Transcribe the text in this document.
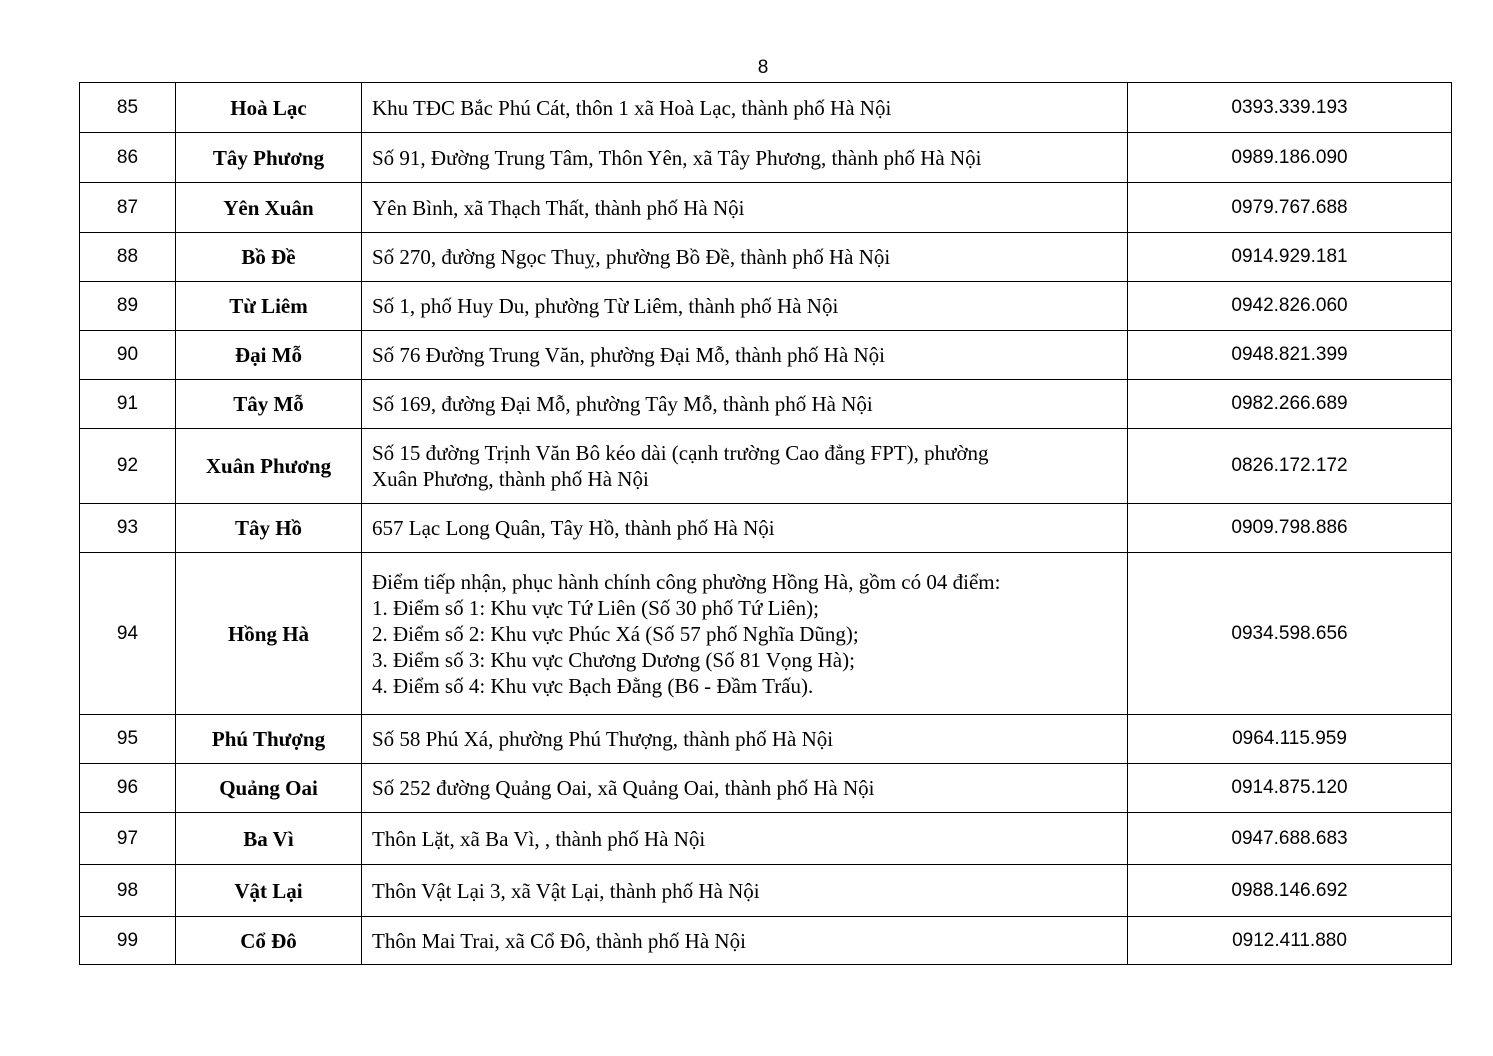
8
85	Hoà Lạc	Khu TĐC Bắc Phú Cát, thôn 1 xã Hoà Lạc, thành phố Hà Nội	0393.339.193
86	Tây Phương	Số 91, Đường Trung Tâm, Thôn Yên, xã Tây Phương, thành phố Hà Nội	0989.186.090
87	Yên Xuân	Yên Bình, xã Thạch Thất, thành phố Hà Nội	0979.767.688
88	Bồ Đề	Số 270, đường Ngọc Thuỵ, phường Bồ Đề, thành phố Hà Nội	0914.929.181
89	Từ Liêm	Số 1, phố Huy Du, phường Từ Liêm, thành phố Hà Nội	0942.826.060
90	Đại Mỗ	Số 76 Đường Trung Văn, phường Đại Mỗ, thành phố Hà Nội	0948.821.399
91	Tây Mỗ	Số 169, đường Đại Mỗ, phường Tây Mỗ, thành phố Hà Nội	0982.266.689
92	Xuân Phương	Số 15 đường Trịnh Văn Bô kéo dài (cạnh trường Cao đẳng FPT), phường
Xuân Phương, thành phố Hà Nội	0826.172.172
93	Tây Hồ	657 Lạc Long Quân, Tây Hồ, thành phố Hà Nội	0909.798.886
94	Hồng Hà	Điểm tiếp nhận, phục hành chính công phường Hồng Hà, gồm có 04 điểm:
1. Điểm số 1: Khu vực Tứ Liên (Số 30 phố Tứ Liên);
2. Điểm số 2: Khu vực Phúc Xá (Số 57 phố Nghĩa Dũng);
3. Điểm số 3: Khu vực Chương Dương (Số 81 Vọng Hà);
4. Điểm số 4: Khu vực Bạch Đằng (B6 - Đầm Trấu).	0934.598.656
95	Phú Thượng	Số 58 Phú Xá, phường Phú Thượng, thành phố Hà Nội	0964.115.959
96	Quảng Oai	Số 252 đường Quảng Oai, xã Quảng Oai, thành phố Hà Nội	0914.875.120
97	Ba Vì	Thôn Lặt, xã Ba Vì, , thành phố Hà Nội	0947.688.683
98	Vật Lại	Thôn Vật Lại 3, xã Vật Lại, thành phố Hà Nội	0988.146.692
99	Cổ Đô	Thôn Mai Trai, xã Cổ Đô, thành phố Hà Nội	0912.411.880
